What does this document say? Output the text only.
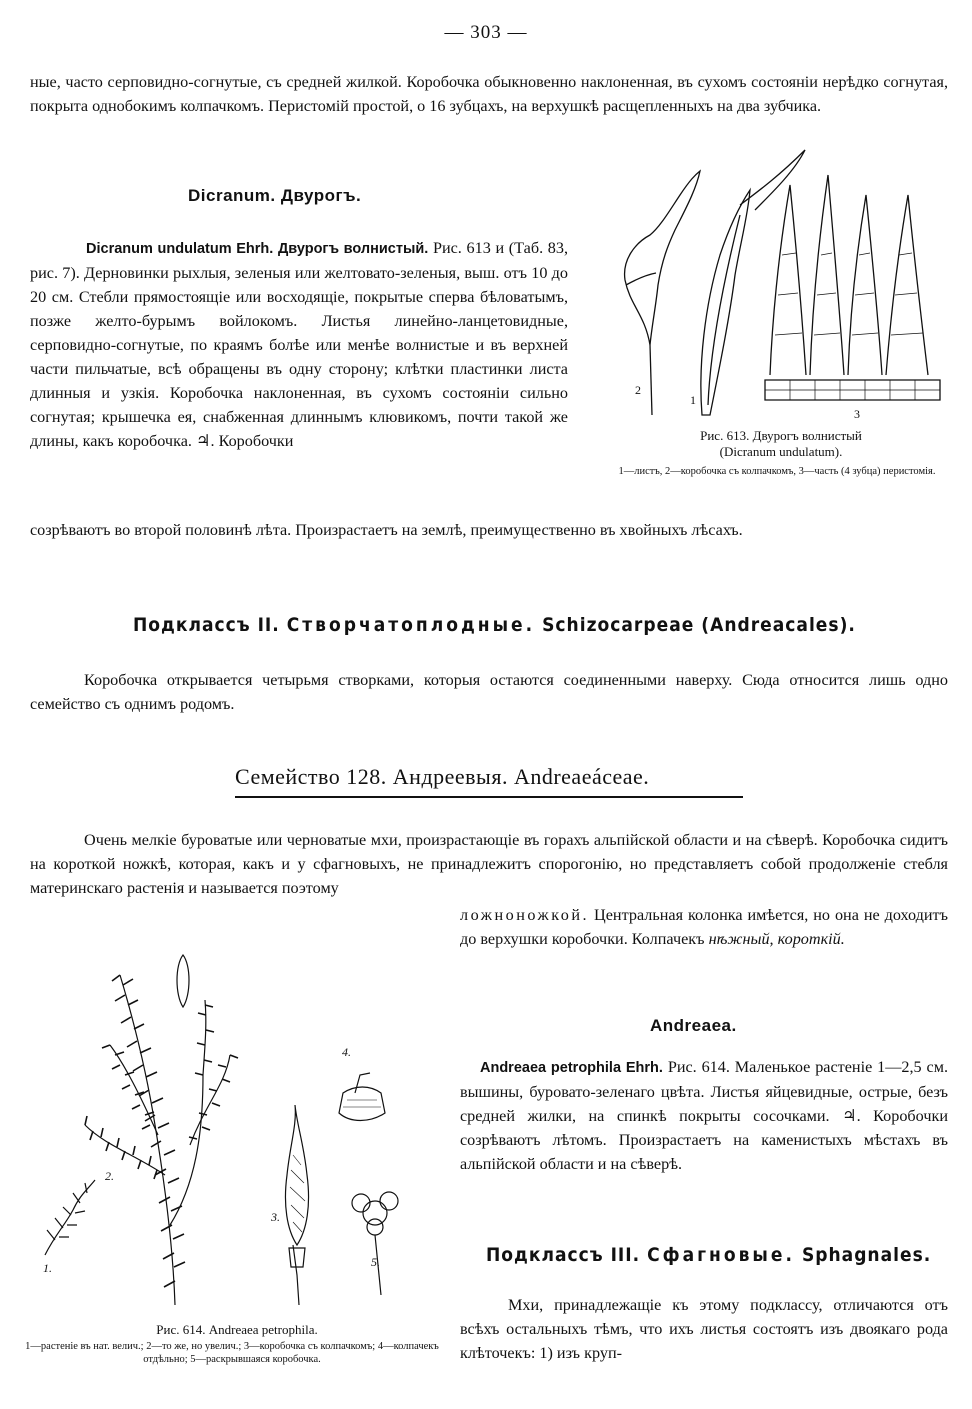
— 303 —
ные, часто серповидно-согнутые, съ средней жилкой. Коробочка обыкновенно наклоненная, въ сухомъ состояніи нерѣдко согнутая, покрыта однобокимъ колпачкомъ. Перистомій простой, о 16 зубцахъ, на верхушкѣ расщепленныхъ на два зубчика.
Dicranum. Двурогъ.
Dicranum undulatum Ehrh. Двурогъ волнистый. Рис. 613 и (Таб. 83, рис. 7). Дерновинки рыхлыя, зеленыя или желтовато-зеленыя, выш. отъ 10 до 20 см. Стебли прямостоящіе или восходящіе, покрытые сперва бѣловатымъ, позже желто-бурымъ войлокомъ. Листья линейно-ланцетовидные, серповидно-согнутые, по краямъ болѣе или менѣе волнистые и въ верхней части пильчатые, всѣ обращены въ одну сторону; клѣтки пластинки листа длинныя и узкія. Коробочка наклоненная, въ сухомъ состояніи сильно согнутая; крышечка ея, снабженная длиннымъ клювикомъ, почти такой же длины, какъ коробочка. ♃. Коробочки
созрѣваютъ во второй половинѣ лѣта. Произрастаетъ на землѣ, преимущественно въ хвойныхъ лѣсахъ.
2
1
3
Рис. 613. Двурогъ волнистый
(Dicranum undulatum).
1—листъ, 2—коробочка съ колпачкомъ, 3—часть (4 зубца) перистомія.
Подклассъ II. Створчатоплодные. Schizocarpeae (Andreacales).
Коробочка открывается четырьмя створками, которыя остаются соединенными наверху. Сюда относится лишь одно семейство съ однимъ родомъ.
Семейство 128. Андреевыя. Andreaeáceae.
Очень мелкіе буроватые или черноватые мхи, произрастающіе въ горахъ альпійской области и на сѣверѣ. Коробочка сидитъ на короткой ножкѣ, которая, какъ и у сфагновыхъ, не принадлежитъ спорогонію, но представляетъ собой продолженіе стебля материнскаго растенія и называется поэтому
ложнoножкой. Центральная колонка имѣется, но она не доходитъ до верхушки коробочки. Колпачекъ нѣжный, короткій.
1.
2.
3.
4.
5.
Рис. 614. Andreaea petrophila.
1—растеніе въ нат. велич.; 2—то же, но увелич.; 3—коробочка съ колпачкомъ; 4—колпачекъ отдѣльно; 5—раскрывшаяся коробочка.
Andreaea.
Andreaea petrophila Ehrh. Рис. 614. Маленькое растеніе 1—2,5 см. вышины, буровато-зеленаго цвѣта. Листья яйцевидные, острые, безъ средней жилки, на спинкѣ покрыты сосочками. ♃. Коробочки созрѣваютъ лѣтомъ. Произрастаетъ на каменистыхъ мѣстахъ въ альпійской области и на сѣверѣ.
Подклассъ III. Сфагновые. Sphagnales.
Мхи, принадлежащіе къ этому подклассу, отличаются отъ всѣхъ остальныхъ тѣмъ, что ихъ листья состоятъ изъ двоякаго рода клѣточекъ: 1) изъ круп-
